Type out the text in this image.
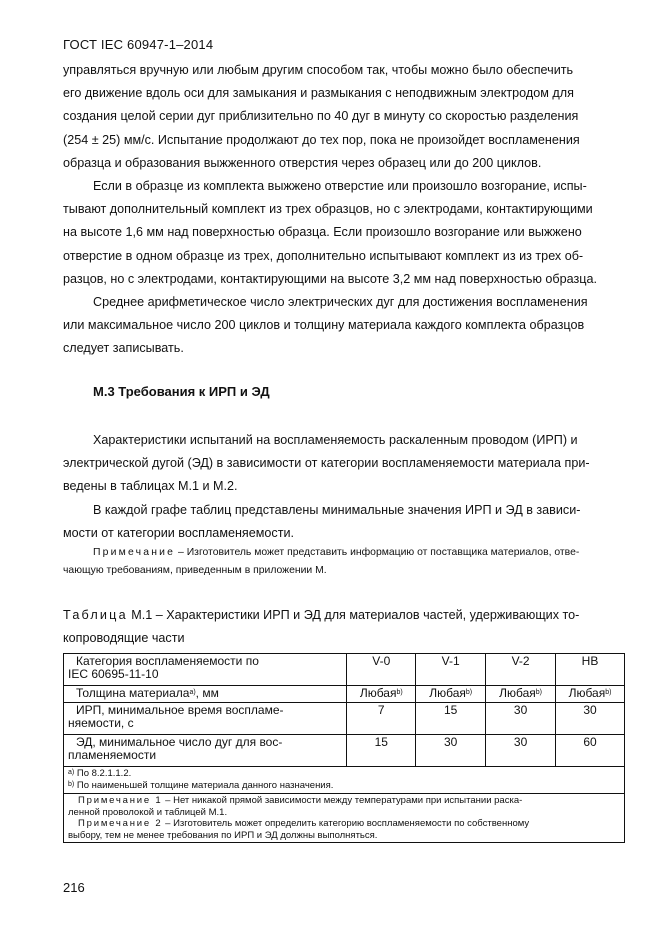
ГОСТ IEC 60947-1–2014
управляться вручную или любым другим способом так, чтобы можно было обеспечить
его движение вдоль оси для замыкания и размыкания с неподвижным электродом для
создания целой серии дуг приблизительно по 40 дуг в минуту со скоростью разделения
(254 ± 25) мм/с. Испытание продолжают до тех пор, пока не произойдет воспламенения
образца и образования выжженного отверстия через образец или до 200 циклов.
Если в образце из комплекта выжжено отверстие или произошло возгорание, испы-
тывают дополнительный комплект из трех образцов, но с электродами, контактирующими
на высоте 1,6 мм над поверхностью образца. Если произошло возгорание или выжжено
отверстие в одном образце из трех, дополнительно испытывают комплект из из трех об-
разцов, но с электродами, контактирующими на высоте 3,2 мм над поверхностью образца.
Среднее арифметическое число электрических дуг для достижения воспламенения
или максимальное число 200 циклов и толщину материала каждого комплекта образцов
следует записывать.
М.3 Требования к ИРП и ЭД
Характеристики испытаний на воспламеняемость раскаленным проводом (ИРП) и
электрической дугой (ЭД) в зависимости от категории воспламеняемости материала при-
ведены в таблицах М.1 и М.2.
В каждой графе таблиц представлены минимальные значения ИРП и ЭД в зависи-
мости от категории воспламеняемости.
Примечание – Изготовитель может представить информацию от поставщика материалов, отве-
чающую требованиям, приведенным в приложении М.
Таблица М.1 – Характеристики ИРП и ЭД для материалов частей, удерживающих то-
копроводящие части
Категория воспламеняемости по
IEC 60695-11-10	V-0	V-1	V-2	HB
Толщина материала$^{a)}$, мм	Любая$^{b)}$	Любая$^{b)}$	Любая$^{b)}$	Любая$^{b)}$
ИРП, минимальное время воспламе-
няемости, с	7	15	30	30
ЭД, минимальное число дуг для вос-
пламеняемости	15	30	30	60

$^{a)}$ По 8.2.1.1.2.
$^{b)}$ По наименьшей толщине материала данного назначения.				

Примечание 1 – Нет никакой прямой зависимости между температурами при испытании раска-
ленной проволокой и таблицей М.1.
Примечание 2 – Изготовитель может определить категорию воспламеняемости по собственному
выбору, тем не менее требования по ИРП и ЭД должны выполняться.				
216
